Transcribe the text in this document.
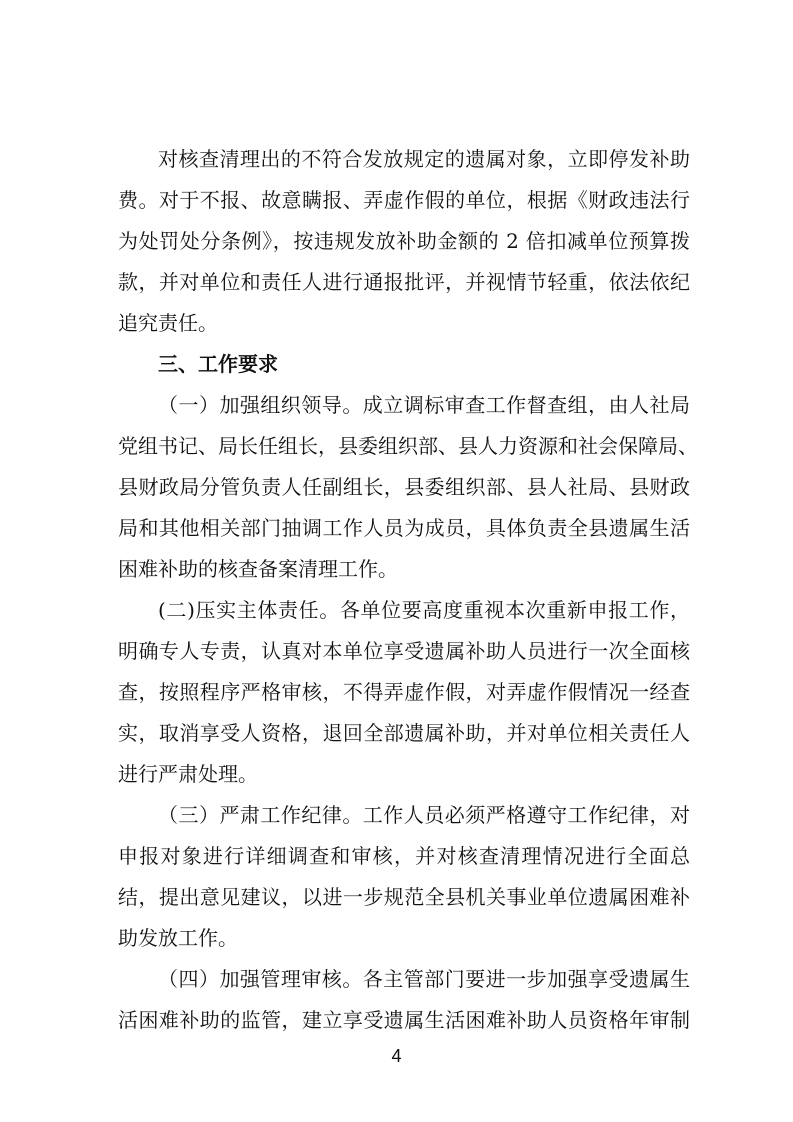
对核查清理出的不符合发放规定的遗属对象，立即停发补助
费。对于不报、故意瞒报、弄虚作假的单位，根据《财政违法行
为处罚处分条例》，按违规发放补助金额的 2 倍扣减单位预算拨
款，并对单位和责任人进行通报批评，并视情节轻重，依法依纪
追究责任。
三、工作要求
（一）加强组织领导。成立调标审查工作督查组，由人社局
党组书记、局长任组长，县委组织部、县人力资源和社会保障局、
县财政局分管负责人任副组长，县委组织部、县人社局、县财政
局和其他相关部门抽调工作人员为成员，具体负责全县遗属生活
困难补助的核查备案清理工作。
(二)压实主体责任。各单位要高度重视本次重新申报工作，
明确专人专责，认真对本单位享受遗属补助人员进行一次全面核
查，按照程序严格审核，不得弄虚作假，对弄虚作假情况一经查
实，取消享受人资格，退回全部遗属补助，并对单位相关责任人
进行严肃处理。
（三）严肃工作纪律。工作人员必须严格遵守工作纪律，对
申报对象进行详细调查和审核，并对核查清理情况进行全面总
结，提出意见建议，以进一步规范全县机关事业单位遗属困难补
助发放工作。
（四）加强管理审核。各主管部门要进一步加强享受遗属生
活困难补助的监管，建立享受遗属生活困难补助人员资格年审制
4
